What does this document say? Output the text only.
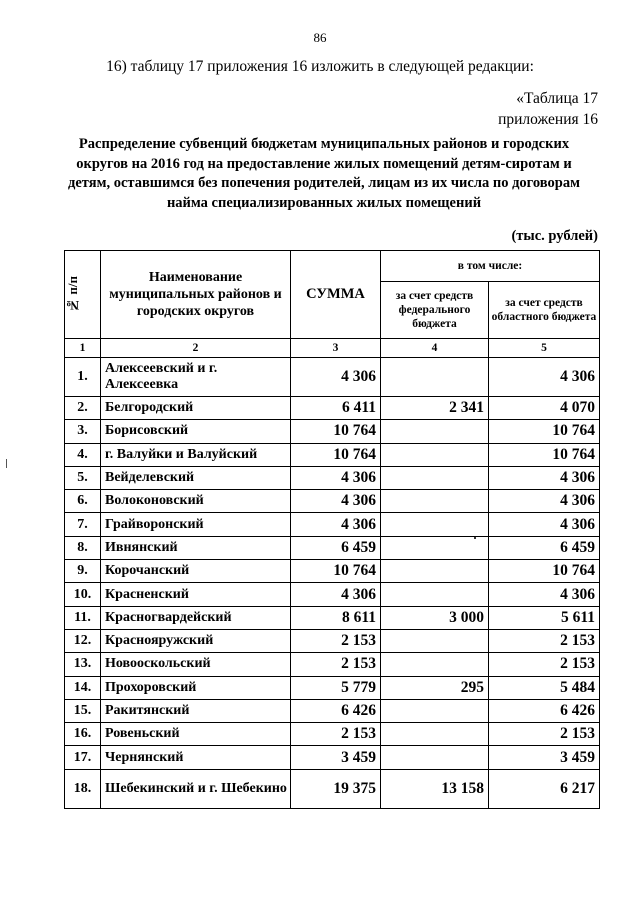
86
16) таблицу 17 приложения 16 изложить в следующей редакции:
«Таблица 17
приложения 16
Распределение субвенций бюджетам муниципальных районов и городских округов на 2016 год на предоставление жилых помещений детям-сиротам и детям, оставшимся без попечения родителей, лицам из их числа по договорам найма специализированных жилых помещений
(тыс. рублей)
№ п/п	Наименование муниципальных районов и городских округов	СУММА	в том числе:	
			за счет средств федерального бюджета	за счет средств областного бюджета
1	2	3	4	5
1.	Алексеевский и г. Алексеевка	4 306		4 306
2.	Белгородский	6 411	2 341	4 070
3.	Борисовский	10 764		10 764
4.	г. Валуйки и Валуйский	10 764		10 764
5.	Вейделевский	4 306		4 306
6.	Волоконовский	4 306		4 306
7.	Грайворонский	4 306		4 306
8.	Ивнянский	6 459		6 459
9.	Корочанский	10 764		10 764
10.	Красненский	4 306		4 306
11.	Красногвардейский	8 611	3 000	5 611
12.	Краснояружский	2 153		2 153
13.	Новооскольский	2 153		2 153
14.	Прохоровский	5 779	295	5 484
15.	Ракитянский	6 426		6 426
16.	Ровеньский	2 153		2 153
17.	Чернянский	3 459		3 459
18.	Шебекинский и г. Шебекино	19 375	13 158	6 217
